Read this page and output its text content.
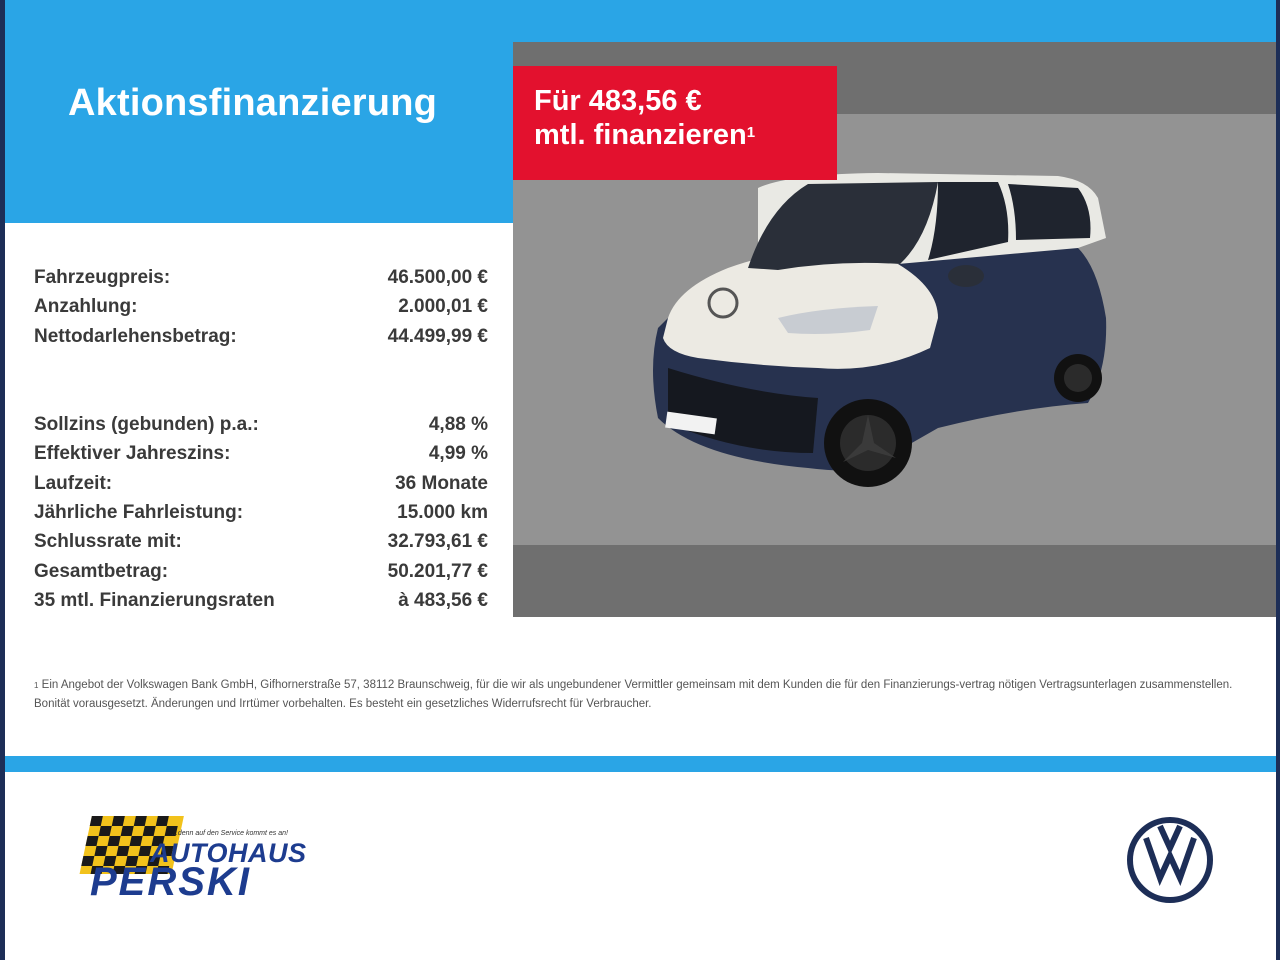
Aktionsfinanzierung	Für 483,56 €
mtl. finanzieren$^1$
Fahrzeugpreis:	46.500,00 €
Anzahlung:	2.000,01 €
Nettodarlehensbetrag:	44.499,99 €
Sollzins (gebunden) p.a.:	4,88 %
Effektiver Jahreszins:	4,99 %
Laufzeit:	36 Monate
Jährliche Fahrleistung:	15.000 km
Schlussrate mit:	32.793,61 €
Gesamtbetrag:	50.201,77 €
35 mtl. Finanzierungsraten	à 483,56 €
$^1$ Ein Angebot der Volkswagen Bank GmbH, Gifhornerstraße 57, 38112 Braunschweig, für die wir als ungebundener Vermittler gemeinsam mit dem Kunden die für den Finanzierungs-vertrag nötigen Vertragsunterlagen zusammenstellen. Bonität vorausgesetzt. Änderungen und Irrtümer vorbehalten. Es besteht ein gesetzliches Widerrufsrecht für Verbraucher.
...denn auf den Service kommt es an!
AUTOHAUS
PERSKI
